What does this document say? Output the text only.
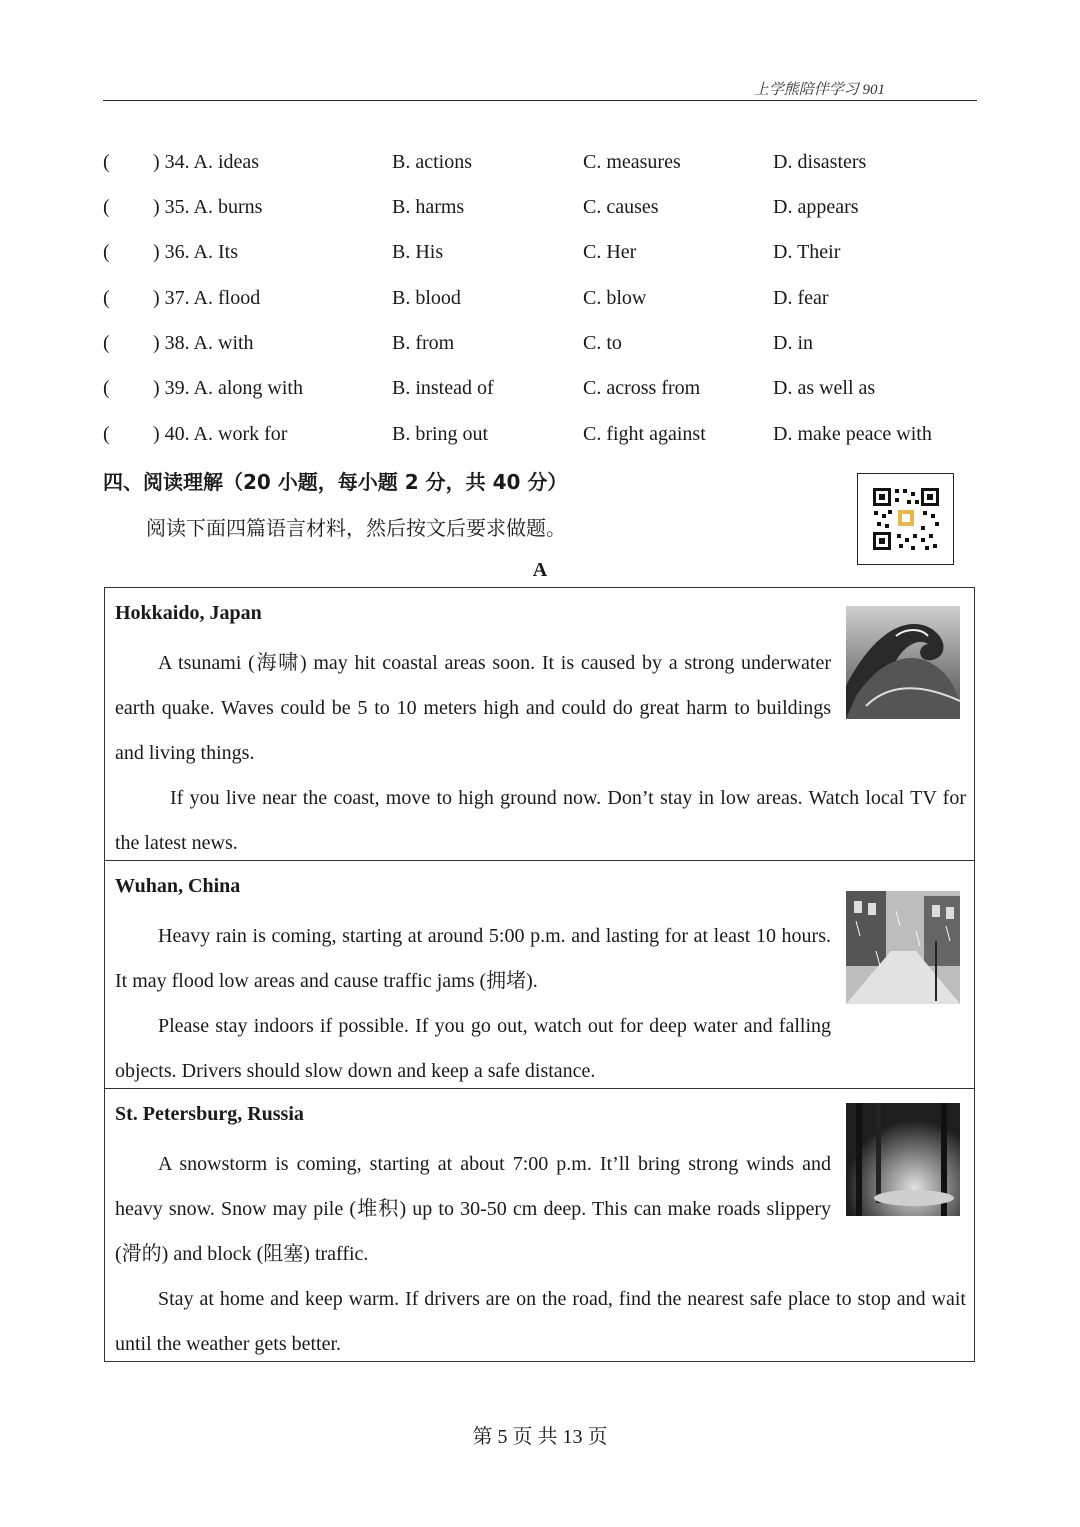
上学熊陪伴学习 901
( ) 34. A. ideas	B. actions	C. measures	D. disasters
( ) 35. A. burns	B. harms	C. causes	D. appears
( ) 36. A. Its	B. His	C. Her	D. Their
( ) 37. A. flood	B. blood	C. blow	D. fear
( ) 38. A. with	B. from	C. to	D. in
( ) 39. A. along with	B. instead of	C. across from	D. as well as
( ) 40. A. work for	B. bring out	C. fight against	D. make peace with
四、阅读理解（20 小题，每小题 2 分，共 40 分）
阅读下面四篇语言材料，然后按文后要求做题。
A
Hokkaido, Japan
A tsunami (海啸) may hit coastal areas soon. It is caused by a strong underwater earth quake. Waves could be 5 to 10 meters high and could do great harm to buildings and living things.
If you live near the coast, move to high ground now. Don’t stay in low areas. Watch local TV for the latest news.
Wuhan, China
Heavy rain is coming, starting at around 5:00 p.m. and lasting for at least 10 hours. It may flood low areas and cause traffic jams (拥堵).
Please stay indoors if possible. If you go out, watch out for deep water and falling objects. Drivers should slow down and keep a safe distance.
St. Petersburg, Russia
A snowstorm is coming, starting at about 7:00 p.m. It’ll bring strong winds and heavy snow. Snow may pile (堆积) up to 30-50 cm deep. This can make roads slippery (滑的) and block (阻塞) traffic.
Stay at home and keep warm. If drivers are on the road, find the nearest safe place to stop and wait until the weather gets better.
第 5 页 共 13 页
